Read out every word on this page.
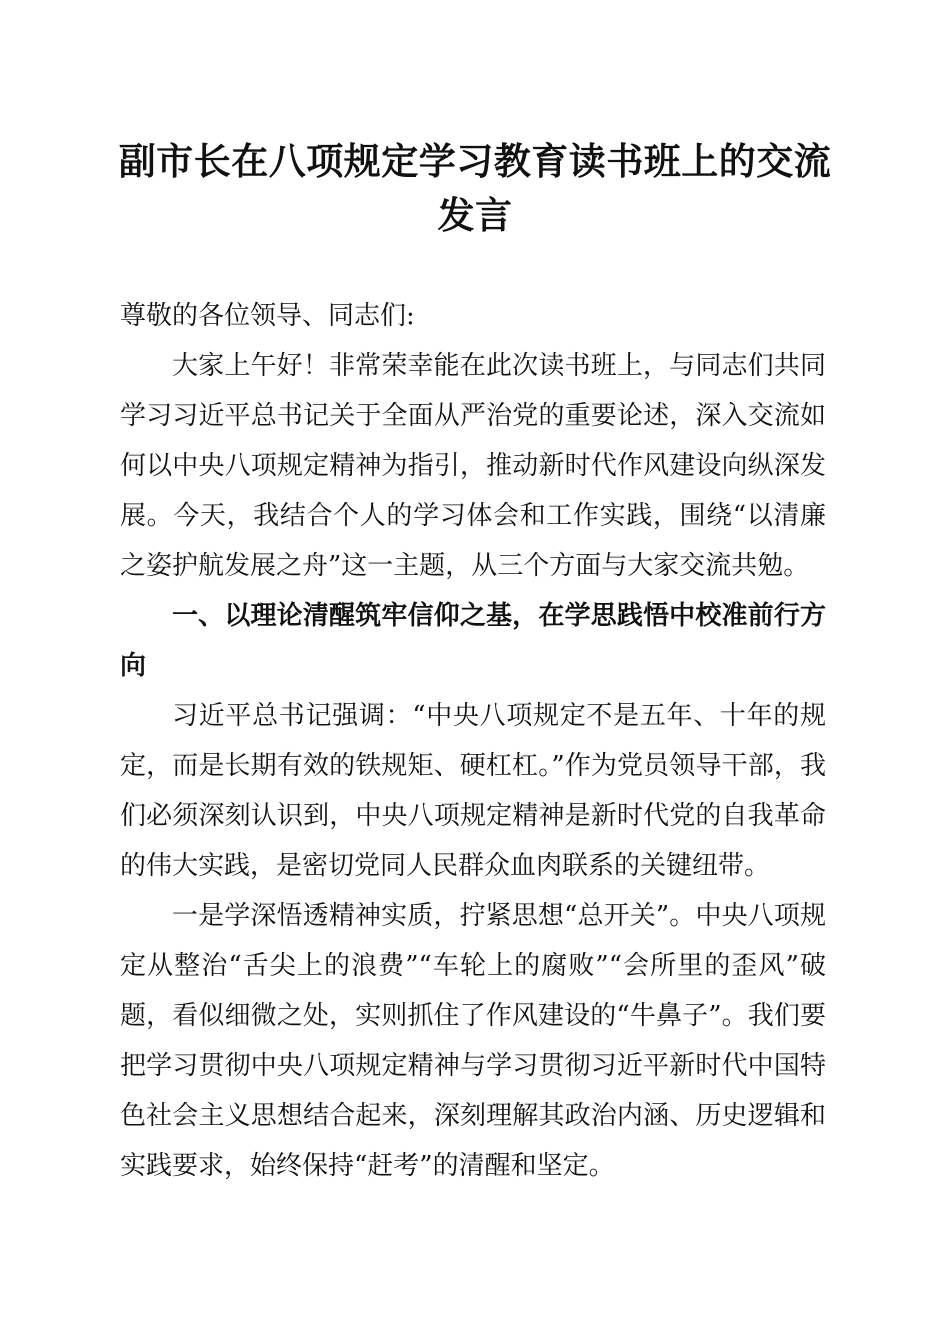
副市长在八项规定学习教育读书班上的交流发言

尊敬的各位领导、同志们:

大家上午好！非常荣幸能在此次读书班上，与同志们共同学习习近平总书记关于全面从严治党的重要论述，深入交流如何以中央八项规定精神为指引，推动新时代作风建设向纵深发展。今天，我结合个人的学习体会和工作实践，围绕“以清廉之姿护航发展之舟”这一主题，从三个方面与大家交流共勉。

一、以理论清醒筑牢信仰之基，在学思践悟中校准前行方向

习近平总书记强调：“中央八项规定不是五年、十年的规定，而是长期有效的铁规矩、硬杠杠。”作为党员领导干部，我们必须深刻认识到，中央八项规定精神是新时代党的自我革命的伟大实践，是密切党同人民群众血肉联系的关键纽带。

一是学深悟透精神实质，拧紧思想“总开关”。中央八项规定从整治“舌尖上的浪费”“车轮上的腐败”“会所里的歪风”破题，看似细微之处，实则抓住了作风建设的“牛鼻子”。我们要把学习贯彻中央八项规定精神与学习贯彻习近平新时代中国特色社会主义思想结合起来，深刻理解其政治内涵、历史逻辑和实践要求，始终保持“赶考”的清醒和坚定。
